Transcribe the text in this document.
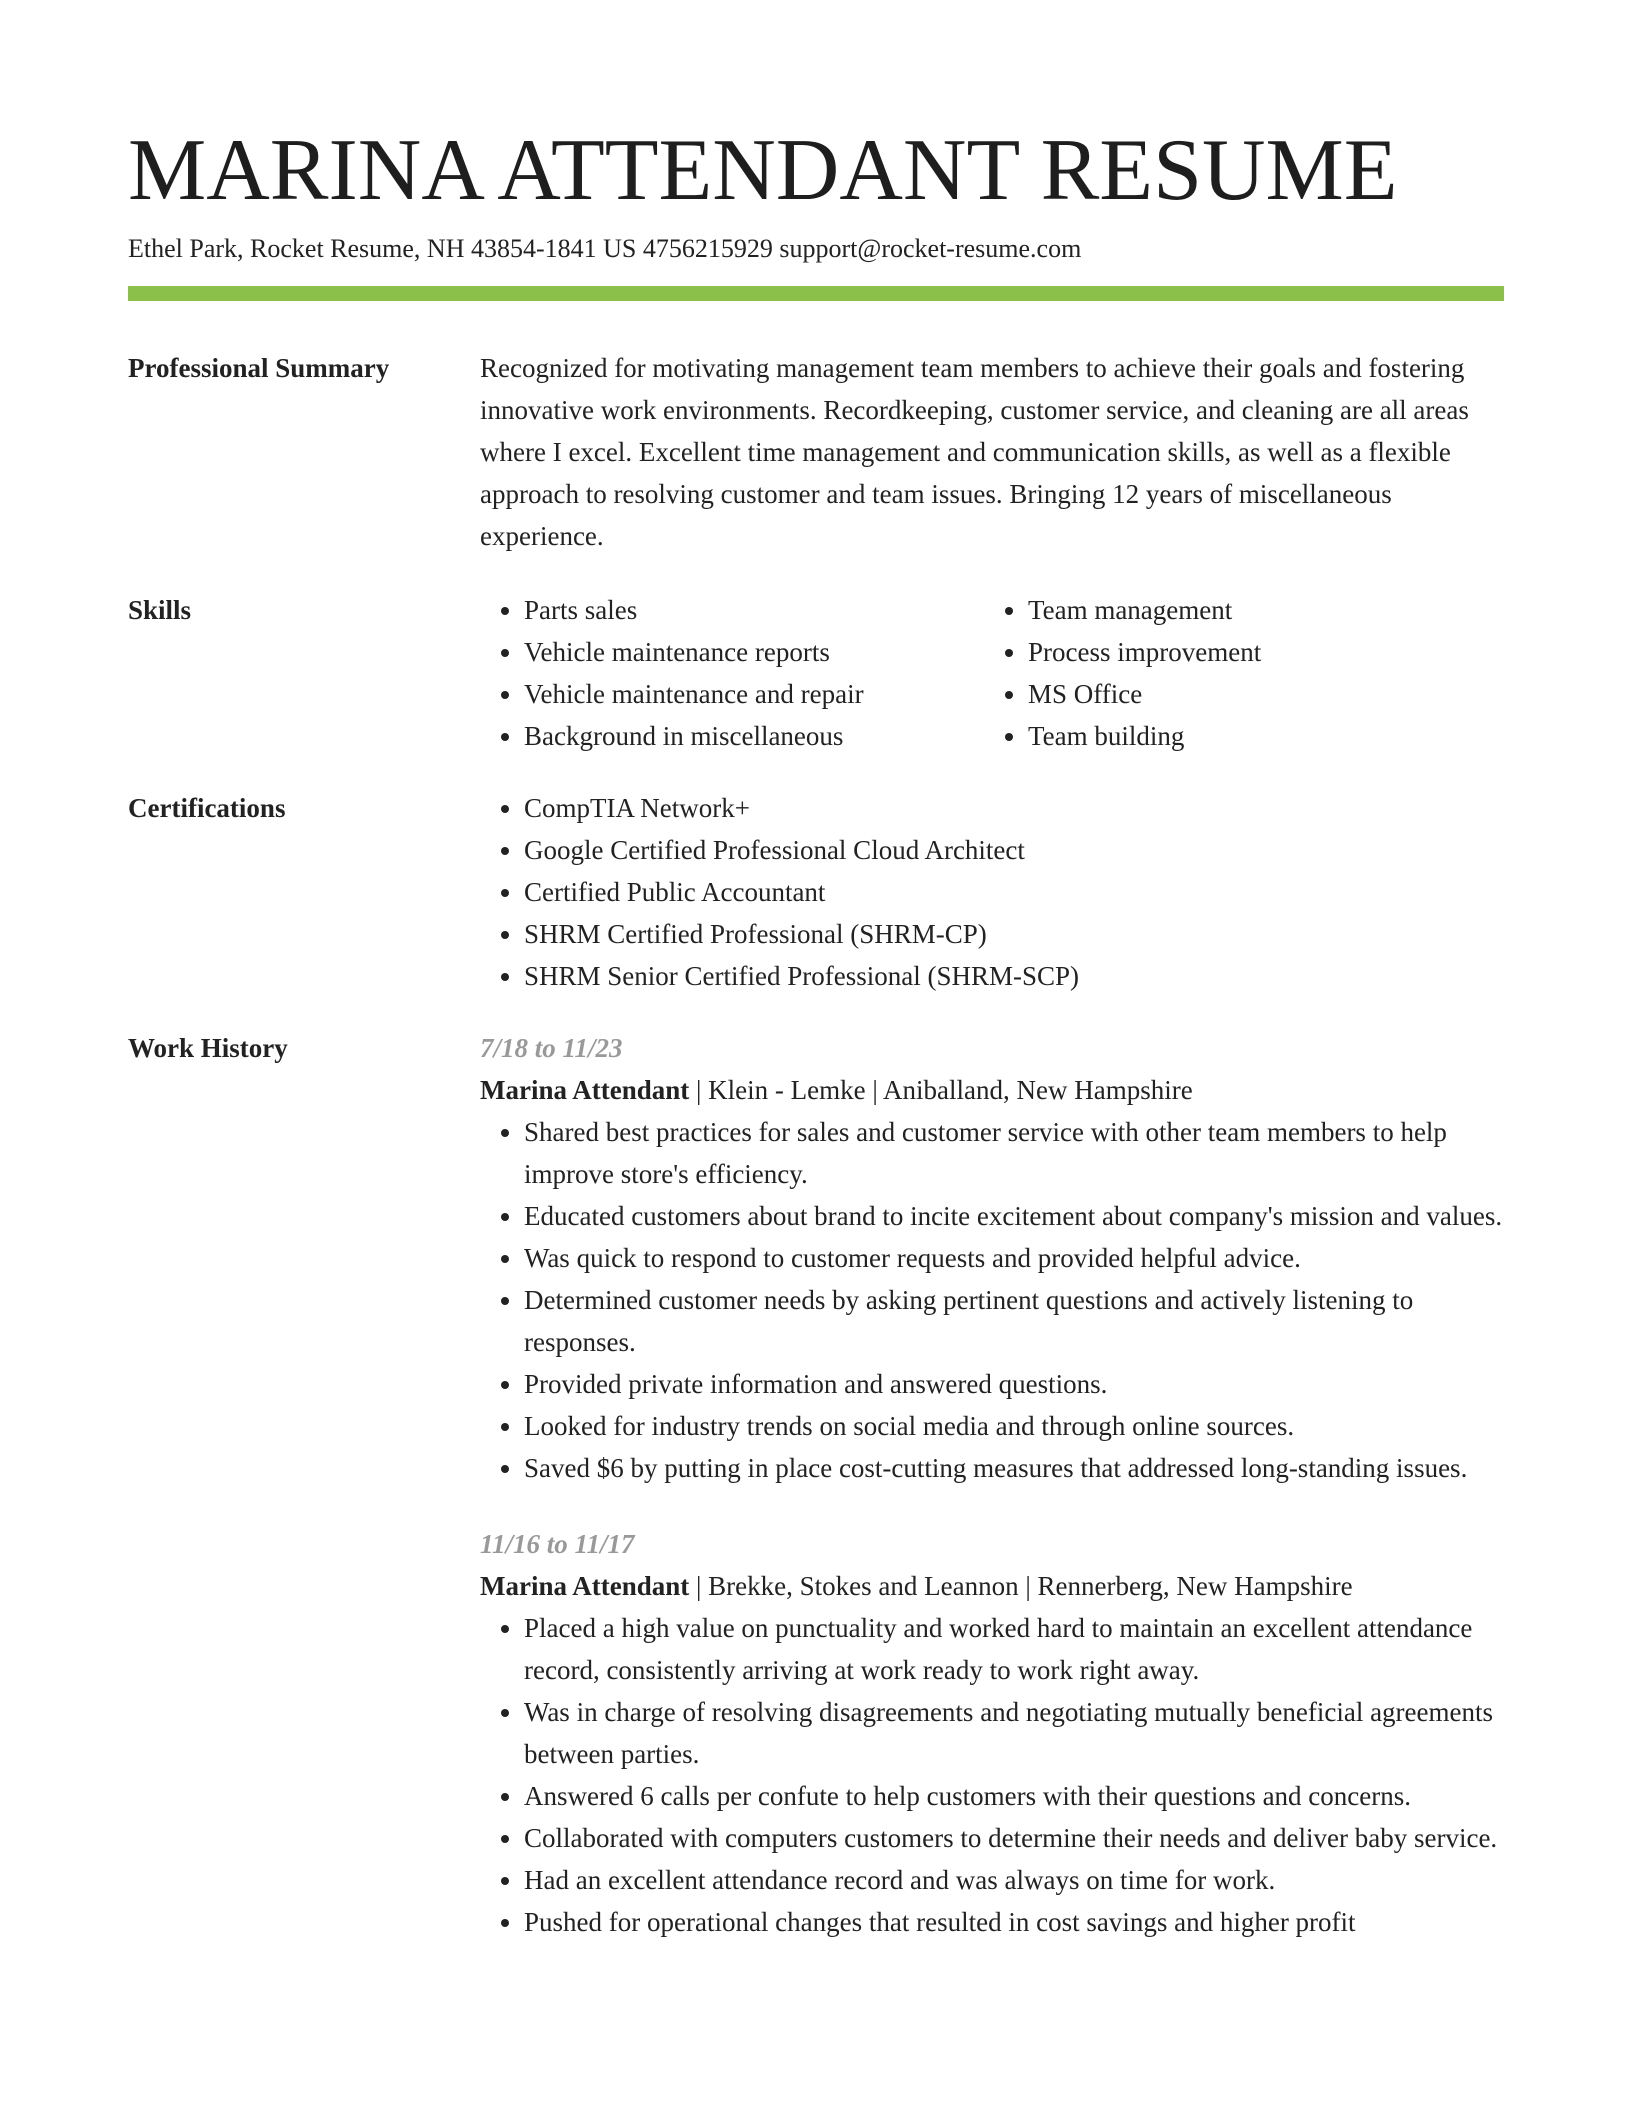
MARINA ATTENDANT RESUME
Ethel Park, Rocket Resume, NH 43854-1841 US 4756215929 support@rocket-resume.com
Professional Summary	Recognized for motivating management team members to achieve their goals and fostering innovative work environments. Recordkeeping, customer service, and cleaning are all areas where I excel. Excellent time management and communication skills, as well as a flexible approach to resolving customer and team issues. Bringing 12 years of miscellaneous experience.

Skills	• Parts sales
• Vehicle maintenance reports
• Vehicle maintenance and repair
• Background in miscellaneous
• Team management
• Process improvement
• MS Office
• Team building
Certifications	• CompTIA Network+
• Google Certified Professional Cloud Architect
• Certified Public Accountant
• SHRM Certified Professional (SHRM-CP)
• SHRM Senior Certified Professional (SHRM-SCP)
Work History	7/18 to 11/23

Marina Attendant | Klein - Lemke | Aniballand, New Hampshire

• Shared best practices for sales and customer service with other team members to help improve store's efficiency.
• Educated customers about brand to incite excitement about company's mission and values.
• Was quick to respond to customer requests and provided helpful advice.
• Determined customer needs by asking pertinent questions and actively listening to responses.
• Provided private information and answered questions.
• Looked for industry trends on social media and through online sources.
• Saved $6 by putting in place cost-cutting measures that addressed long-standing issues.

11/16 to 11/17

Marina Attendant | Brekke, Stokes and Leannon | Rennerberg, New Hampshire

• Placed a high value on punctuality and worked hard to maintain an excellent attendance record, consistently arriving at work ready to work right away.
• Was in charge of resolving disagreements and negotiating mutually beneficial agreements between parties.
• Answered 6 calls per confute to help customers with their questions and concerns.
• Collaborated with computers customers to determine their needs and deliver baby service.
• Had an excellent attendance record and was always on time for work.
• Pushed for operational changes that resulted in cost savings and higher profit
